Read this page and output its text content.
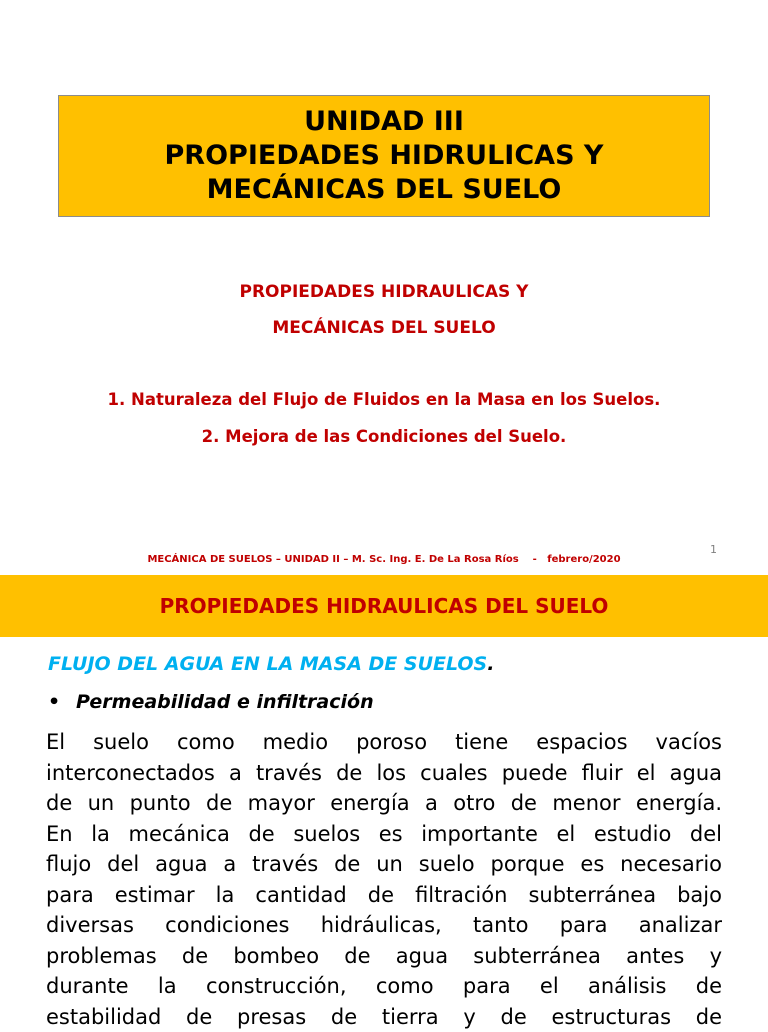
UNIDAD III
PROPIEDADES HIDRULICAS Y
MECÁNICAS DEL SUELO
PROPIEDADES HIDRAULICAS Y
MECÁNICAS DEL SUELO
1. Naturaleza del Flujo de Fluidos en la Masa en los Suelos.
2. Mejora de las Condiciones del Suelo.
1
MECÁNICA DE SUELOS – UNIDAD II – M. Sc. Ing. E. De La Rosa Ríos    -   febrero/2020
PROPIEDADES HIDRAULICAS DEL SUELO
FLUJO DEL AGUA EN LA MASA DE SUELOS.
• Permeabilidad e infiltración
El suelo como medio poroso tiene espacios vacíos
interconectados a través de los cuales puede fluir el agua
de un punto de mayor energía a otro de menor energía.
En la mecánica de suelos es importante el estudio del
flujo del agua a través de un suelo porque es necesario
para estimar la cantidad de filtración subterránea bajo
diversas condiciones hidráulicas, tanto para analizar
problemas de bombeo de agua subterránea antes y
durante la construcción, como para el análisis de
estabilidad de presas de tierra y de estructuras de
